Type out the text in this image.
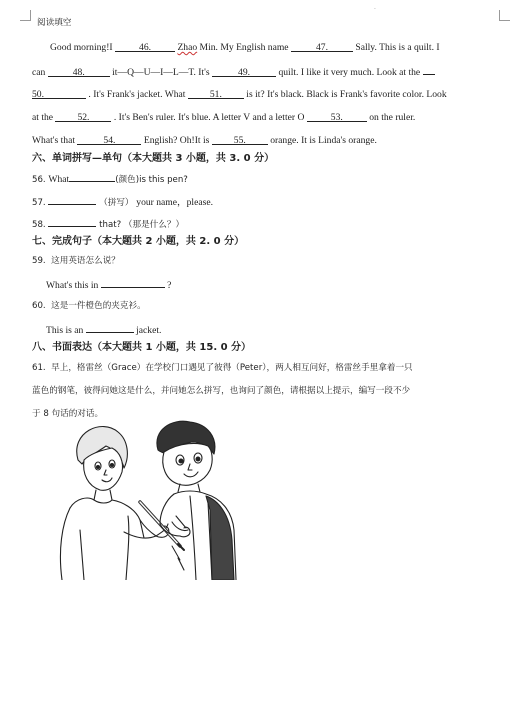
·
阅读填空
Good morning!I	46.	Zhao Min. My English name	47.	Sally. This is a quilt. I
can	48.	it—Q—U—I—L—T. It's	49.	quilt. I like it very much. Look at the
50.	. It's Frank's jacket. What 51.	is it? It's black. Black is Frank's favorite color. Look
at the 52.	. It's Ben's ruler. It's blue. A letter V and a letter O	53.	on the ruler.
What's that	54.	English? Oh!It is 55.	orange. It is Linda's orange.
六、单词拼写—单句（本大题共 3 小题，共 3. 0 分）
56. What	(颜色)is this pen?
57.	（拼写） your name，please.
58.	that? （那是什么？）
七、完成句子（本大题共 2 小题，共 2. 0 分）
59. 这用英语怎么说？
What's this in	?
60. 这是一件橙色的夹克衫。
This is an	jacket.
八、书面表达（本大题共 1 小题，共 15. 0 分）
61. 早上，格雷丝（Grace）在学校门口遇见了彼得（Peter），两人相互问好，格雷丝手里拿着一只
蓝色的钢笔，彼得问她这是什么，并问她怎么拼写，也询问了颜色，请根据以上提示，编写一段不少
于 8 句话的对话。
